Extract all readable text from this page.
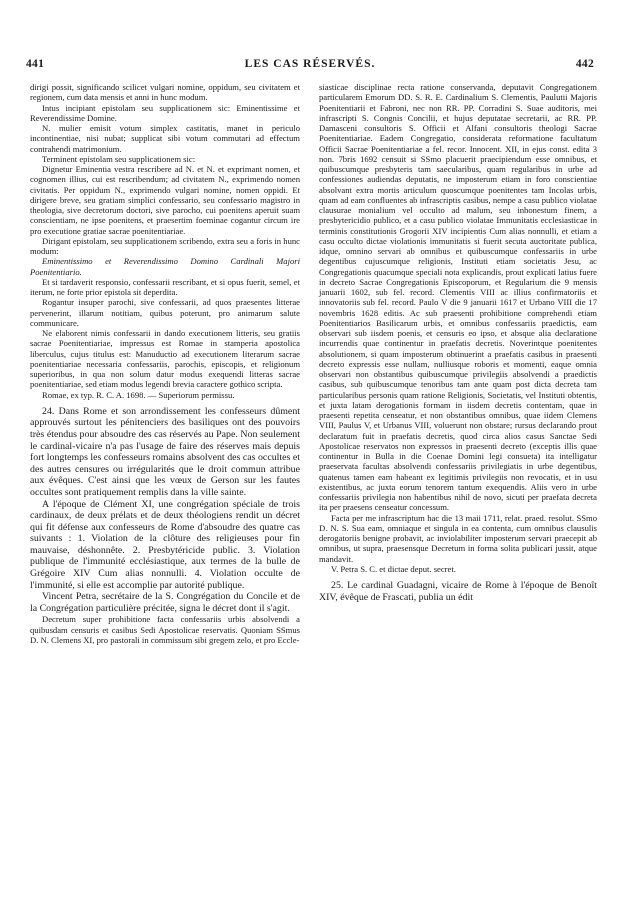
441	LES CAS RÉSERVÉS.	442

dirigi possit, significando scilicet vulgari nomine, oppidum, seu civitatem et regionem, cum data mensis et anni in hunc modum.

Intus incipiant epistolam seu supplicationem sic: Eminentissime et Reverendissime Domine.

N. mulier emisit votum simplex castitatis, manet in periculo incontinentiae, nisi nubat; supplicat sibi votum commutari ad effectum contrahendi matrimonium.

Terminent epistolam seu supplicationem sic:

Dignetur Eminentia vestra rescribere ad N. et N. et exprimant nomen, et cognomen illius, cui est rescribendum; ad civitatem N., exprimendo nomen civitatis. Per oppidum N., exprimendo vulgari nomine, nomen oppidi. Et dirigere breve, seu gratiam simplici confessario, seu confessario magistro in theologia, sive decretorum doctori, sive parocho, cui poenitens aperuit suam conscientiam, ne ipse poenitens, et praesertim foeminae cogantur circum ire pro executione gratiae sacrae poenitentiariae.

Dirigant epistolam, seu supplicationem scribendo, extra seu a foris in hunc modum:

Eminentissimo et Reverendissimo Domino Cardinali Majori Poenitentiario.

Et si tardaverit responsio, confessarii rescribant, et si opus fuerit, semel, et iterum, ne forte prior epistola sit deperdita.

Rogantur insuper parochi, sive confessarii, ad quos praesentes litterae pervenerint, illarum notitiam, quibus poterunt, pro animarum salute communicare.

Ne elaborent nimis confessarii in dando executionem litteris, seu gratiis sacrae Poenitentiariae, impressus est Romae in stamperia apostolica liberculus, cujus titulus est: Manuductio ad executionem literarum sacrae poenitentiariae necessaria confessariis, parochis, episcopis, et religionum superioribus, in qua non solum datur modus exequendi litteras sacrae poenitentiariae, sed etiam modus legendi brevia caractere gothico scripta.

Romae, ex typ. R. C. A. 1698. — Superiorum permissu.

24. Dans Rome et son arrondissement les confesseurs dûment approuvés surtout les pénitenciers des basiliques ont des pouvoirs très étendus pour absoudre des cas réservés au Pape. Non seulement le cardinal-vicaire n'a pas l'usage de faire des réserves mais depuis fort longtemps les confesseurs romains absolvent des cas occultes et des autres censures ou irrégularités que le droit commun attribue aux évêques. C'est ainsi que les vœux de Gerson sur les fautes occultes sont pratiquement remplis dans la ville sainte.

A l'époque de Clément XI, une congrégation spéciale de trois cardinaux, de deux prélats et de deux théologiens rendit un décret qui fit défense aux confesseurs de Rome d'absoudre des quatre cas suivants : 1. Violation de la clôture des religieuses pour fin mauvaise, déshonnête. 2. Presbytéricide public. 3. Violation publique de l'immunité ecclésiastique, aux termes de la bulle de Grégoire XIV Cum alias nonnulli. 4. Violation occulte de l'immunité, si elle est accomplie par autorité publique.

Vincent Petra, secrétaire de la S. Congrégation du Concile et de la Congrégation particulière précitée, signa le décret dont il s'agit.

Decretum super prohibitione facta confessariis urbis absolvendi a quibusdam censuris et casibus Sedi Apostolicae reservatis. Quoniam SSmus D. N. Clemens XI, pro pastorali in commissum sibi gregem zelo, et pro Eccle-

siasticae disciplinae recta ratione conservanda, deputavit Congregationem particularem Emorum DD. S. R. E. Cardinalium S. Clementis, Paulutii Majoris Poenitentiarii et Fabroni, nec non RR. PP. Corradini S. Suae auditoris, mei infrascripti S. Congnis Concilii, et hujus deputatae secretarii, ac RR. PP. Damasceni consultoris S. Officii et Alfani consultoris theologi Sacrae Poenitentiariae. Eadem Congregatio, considerata reformatione facultatum Officii Sacrae Poenitentiariae a fel. recor. Innocent. XII, in ejus const. edita 3 non. 7bris 1692 censuit si SSmo placuerit praecipiendum esse omnibus, et quibuscumque presbyteris tam saecularibus, quam regularibus in urbe ad confessiones audiendas deputatis, ne imposterum etiam in foro conscientiae absolvant extra mortis articulum quoscumque poenitentes tam Incolas urbis, quam ad eam confluentes ab infrascriptis casibus, nempe a casu publico violatae clausurae monialium vel occulto ad malum, seu inhonestum finem, a presbytericidio publico, et a casu publico violatae Immunitatis ecclesiasticae in terminis constitutionis Grogorii XIV incipientis Cum alias nonnulli, et etiam a casu occulto dictae violationis immunitatis si fuerit secuta auctoritate publica, idque, omnino servari ab omnibus et quibuscumque confessariis in urbe degentibus cujuscumque religionis, Instituti etiam societatis Jesu, ac Congregationis quacumque speciali nota explicandis, prout explicati latius fuere in decreto Sacrae Congregationis Episcoporum, et Regularium die 9 mensis januarii 1602, sub fel. record. Clementis VIII ac illius confirmatoriis et innovatoriis sub fel. record. Paulo V die 9 januarii 1617 et Urbano VIII die 17 novembris 1628 editis. Ac sub praesenti prohibitione comprehendi etiam Poenitentiarios Basilicarum urbis, et omnibus confessariis praedictis, eam observari sub iisdem poenis, et censuris eo ipso, et absque alia declaratione incurrendis quae continentur in praefatis decretis. Noverintque poenitentes absolutionem, si quam imposterum obtinuerint a praefatis casibus in praesenti decreto expressis esse nullam, nulliusque roboris et momenti, eaque omnia observari non obstantibus quibuscumque privilegiis absolvendi a praedictis casibus, sub quibuscumque tenoribus tam ante quam post dicta decreta tam particularibus personis quam ratione Religionis, Societatis, vel Instituti obtentis, et juxta latam derogationis formam in iisdem decretis contentam, quae in praesenti repetita censeatur, et non obstantibus omnibus, quae iidem Clemens VIII, Paulus V, et Urbanus VIII, voluerunt non obstare; rursus declarando prout declaratum fuit in praefatis decretis, quod circa alios casus Sanctae Sedi Apostolicae reservatos non expressos in praesenti decreto (exceptis illis quae continentur in Bulla in die Coenae Domini legi consueta) ita intelligatur praeservata facultas absolvendi confessariis privilegiatis in urbe degentibus, quatenus tamen eam habeant ex legitimis privilegiis non revocatis, et in usu existentibus, ac juxta eorum tenorem tantum exequendis. Aliis vero in urbe confessariis privilegia non habentibus nihil de novo, sicuti per praefata decreta ita per praesens censeatur concessum.

Facta per me infrascriptum hac die 13 maii 1711, relat. praed. resolut. SSmo D. N. S. Sua eam, omniaque et singula in ea contenta, cum omnibus clausulis derogatoriis benigne probavit, ac inviolabiliter imposterum servari praecepit ab omnibus, ut supra, praesensque Decretum in forma solita publicari jussit, atque mandavit.

V. Petra S. C. et dictae deput. secret.

25. Le cardinal Guadagni, vicaire de Rome à l'époque de Benoît XIV, évêque de Frascati, publia un édit
